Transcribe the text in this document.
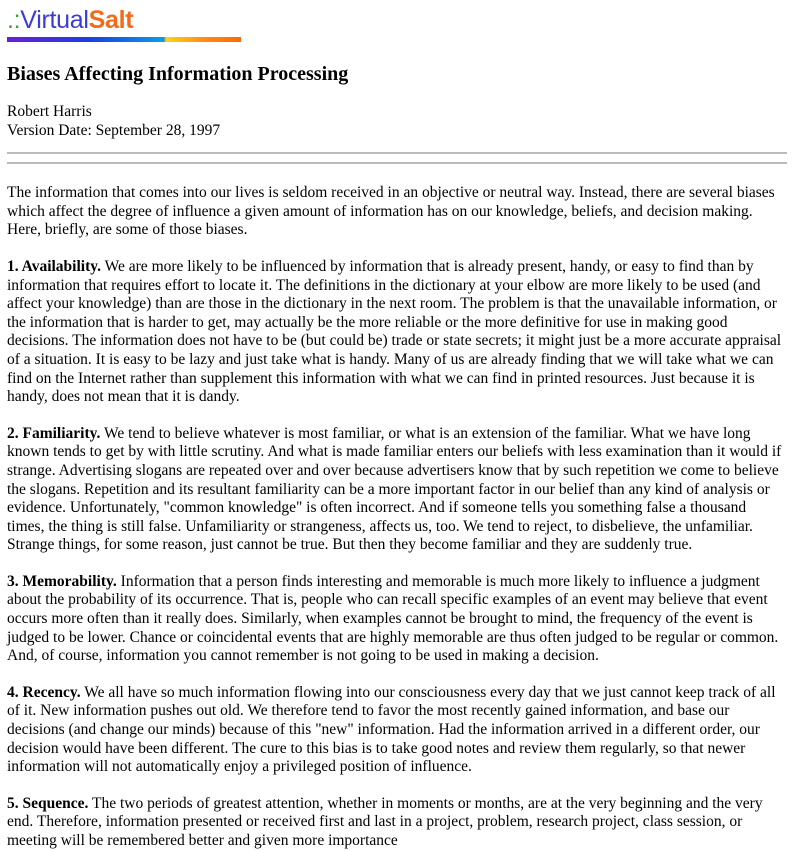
.:VirtualSalt
Biases Affecting Information Processing
Robert Harris
Version Date: September 28, 1997

The information that comes into our lives is seldom received in an objective or neutral way. Instead, there are several biases which affect the degree of influence a given amount of information has on our knowledge, beliefs, and decision making. Here, briefly, are some of those biases.

1. Availability. We are more likely to be influenced by information that is already present, handy, or easy to find than by information that requires effort to locate it. The definitions in the dictionary at your elbow are more likely to be used (and affect your knowledge) than are those in the dictionary in the next room. The problem is that the unavailable information, or the information that is harder to get, may actually be the more reliable or the more definitive for use in making good decisions. The information does not have to be (but could be) trade or state secrets; it might just be a more accurate appraisal of a situation. It is easy to be lazy and just take what is handy. Many of us are already finding that we will take what we can find on the Internet rather than supplement this information with what we can find in printed resources. Just because it is handy, does not mean that it is dandy.

2. Familiarity. We tend to believe whatever is most familiar, or what is an extension of the familiar. What we have long known tends to get by with little scrutiny. And what is made familiar enters our beliefs with less examination than it would if strange. Advertising slogans are repeated over and over because advertisers know that by such repetition we come to believe the slogans. Repetition and its resultant familiarity can be a more important factor in our belief than any kind of analysis or evidence. Unfortunately, "common knowledge" is often incorrect. And if someone tells you something false a thousand times, the thing is still false. Unfamiliarity or strangeness, affects us, too. We tend to reject, to disbelieve, the unfamiliar. Strange things, for some reason, just cannot be true. But then they become familiar and they are suddenly true.

3. Memorability. Information that a person finds interesting and memorable is much more likely to influence a judgment about the probability of its occurrence. That is, people who can recall specific examples of an event may believe that event occurs more often than it really does. Similarly, when examples cannot be brought to mind, the frequency of the event is judged to be lower. Chance or coincidental events that are highly memorable are thus often judged to be regular or common. And, of course, information you cannot remember is not going to be used in making a decision.

4. Recency. We all have so much information flowing into our consciousness every day that we just cannot keep track of all of it. New information pushes out old. We therefore tend to favor the most recently gained information, and base our decisions (and change our minds) because of this "new" information. Had the information arrived in a different order, our decision would have been different. The cure to this bias is to take good notes and review them regularly, so that newer information will not automatically enjoy a privileged position of influence.

5. Sequence. The two periods of greatest attention, whether in moments or months, are at the very beginning and the very end. Therefore, information presented or received first and last in a project, problem, research project, class session, or meeting will be remembered better and given more importance
